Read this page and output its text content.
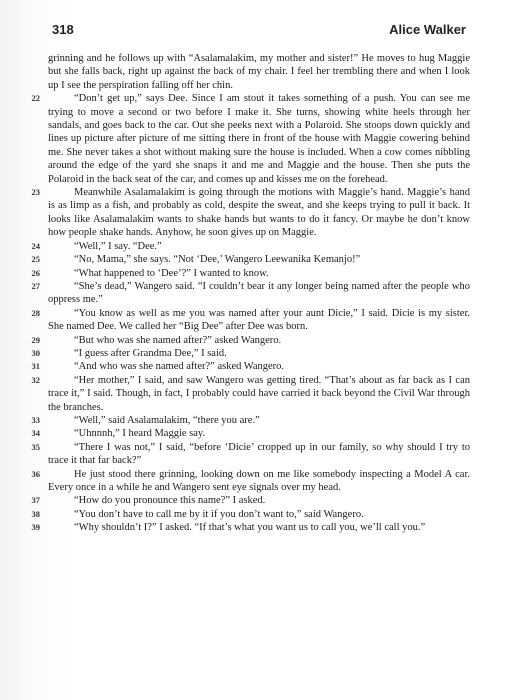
318	Alice Walker

grinning and he follows up with “Asalamalakim, my mother and sister!” He moves to hug Maggie but she falls back, right up against the back of my chair. I feel her trembling there and when I look up I see the perspiration falling off her chin.

22	“Don’t get up,” says Dee. Since I am stout it takes something of a push. You can see me trying to move a second or two before I make it. She turns, showing white heels through her sandals, and goes back to the car. Out she peeks next with a Polaroid. She stoops down quickly and lines up picture after picture of me sitting there in front of the house with Maggie cowering behind me. She never takes a shot without making sure the house is included. When a cow comes nibbling around the edge of the yard she snaps it and me and Maggie and the house. Then she puts the Polaroid in the back seat of the car, and comes up and kisses me on the forehead.

23	Meanwhile Asalamalakim is going through the motions with Maggie’s hand. Maggie’s hand is as limp as a fish, and probably as cold, despite the sweat, and she keeps trying to pull it back. It looks like Asalamalakim wants to shake hands but wants to do it fancy. Or maybe he don’t know how people shake hands. Anyhow, he soon gives up on Maggie.

24	“Well,” I say. “Dee.”

25	“No, Mama,” she says. “Not ‘Dee,’ Wangero Leewanika Kemanjo!”

26	“What happened to ‘Dee’?” I wanted to know.

27	“She’s dead,” Wangero said. “I couldn’t bear it any longer being named after the people who oppress me.”

28	“You know as well as me you was named after your aunt Dicie,” I said. Dicie is my sister. She named Dee. We called her “Big Dee” after Dee was born.

29	“But who was she named after?” asked Wangero.

30	“I guess after Grandma Dee,” I said.

31	“And who was she named after?” asked Wangero.

32	“Her mother,” I said, and saw Wangero was getting tired. “That’s about as far back as I can trace it,” I said. Though, in fact, I probably could have carried it back beyond the Civil War through the branches.

33	“Well,” said Asalamalakim, “there you are.”

34	“Uhnnnh,” I heard Maggie say.

35	“There I was not,” I said, “before ‘Dicie’ cropped up in our family, so why should I try to trace it that far back?”

36	He just stood there grinning, looking down on me like somebody inspecting a Model A car. Every once in a while he and Wangero sent eye signals over my head.

37	“How do you pronounce this name?” I asked.

38	“You don’t have to call me by it if you don’t want to,” said Wangero.

39	“Why shouldn’t I?” I asked. “If that’s what you want us to call you, we’ll call you.”
